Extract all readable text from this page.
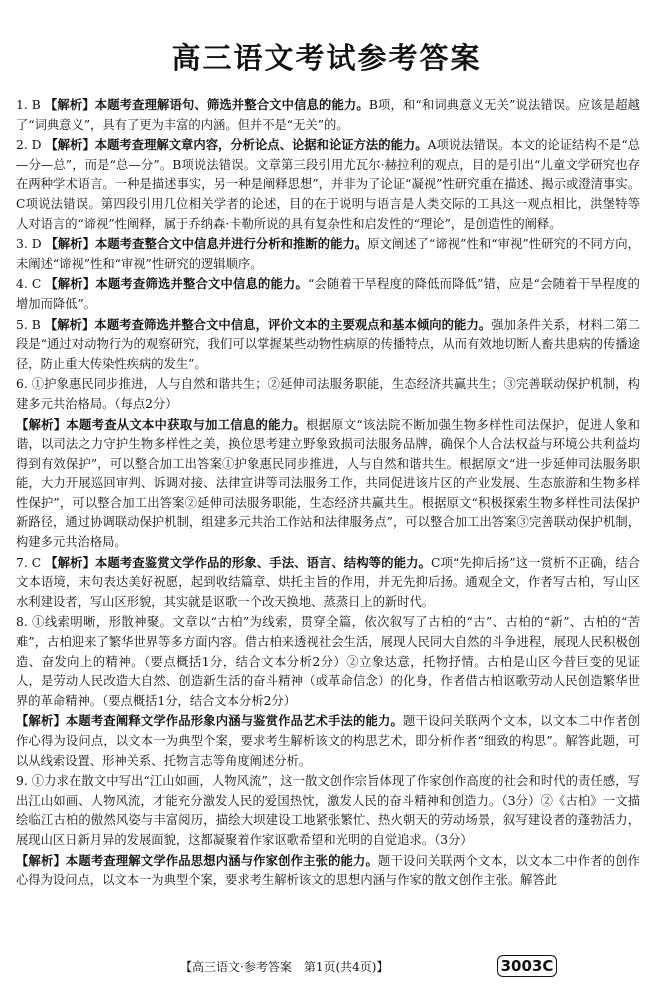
高三语文考试参考答案

1. B 【解析】本题考查理解语句、筛选并整合文中信息的能力。B项，和“和词典意义无关”说法错误。应该是超越了“词典意义”，具有了更为丰富的内涵。但并不是“无关”的。

2. D 【解析】本题考查理解文章内容，分析论点、论据和论证方法的能力。A项说法错误。本文的论证结构不是“总—分—总”，而是“总—分”。B项说法错误。文章第三段引用尤瓦尔·赫拉利的观点，目的是引出“儿童文学研究也存在两种学术语言。一种是描述事实，另一种是阐释思想”，并非为了论证“凝视”性研究重在描述、揭示或澄清事实。C项说法错误。第四段引用几位相关学者的论述，目的在于说明与语言是人类交际的工具这一观点相比，洪堡特等人对语言的“谛视”性阐释，属于乔纳森·卡勒所说的具有复杂性和启发性的“理论”，是创造性的阐释。

3. D 【解析】本题考查整合文中信息并进行分析和推断的能力。原文阐述了“谛视”性和“审视”性研究的不同方向，未阐述“谛视”性和“审视”性研究的逻辑顺序。

4. C 【解析】本题考查筛选并整合文中信息的能力。“会随着干旱程度的降低而降低”错，应是“会随着干旱程度的增加而降低”。

5. B 【解析】本题考查筛选并整合文中信息，评价文本的主要观点和基本倾向的能力。强加条件关系，材料二第二段是“通过对动物行为的观察研究，我们可以掌握某些动物性病原的传播特点，从而有效地切断人畜共患病的传播途径，防止重大传染性疾病的发生”。

6. ①护象惠民同步推进，人与自然和谐共生；②延伸司法服务职能，生态经济共赢共生；③完善联动保护机制，构建多元共治格局。（每点2分）

【解析】本题考查从文本中获取与加工信息的能力。根据原文“该法院不断加强生物多样性司法保护，促进人象和谐，以司法之力守护生物多样性之美，换位思考建立野象致损司法服务品牌，确保个人合法权益与环境公共利益均得到有效保护”，可以整合加工出答案①护象惠民同步推进，人与自然和谐共生。根据原文“进一步延伸司法服务职能，大力开展巡回审判、诉调对接、法律宣讲等司法服务工作，共同促进该片区的产业发展、生态旅游和生物多样性保护”，可以整合加工出答案②延伸司法服务职能，生态经济共赢共生。根据原文“积极探索生物多样性司法保护新路径，通过协调联动保护机制，组建多元共治工作站和法律服务点”，可以整合加工出答案③完善联动保护机制，构建多元共治格局。

7. C 【解析】本题考查鉴赏文学作品的形象、手法、语言、结构等的能力。C项“先抑后扬”这一赏析不正确，结合文本语境，末句表达美好祝愿，起到收结篇章、烘托主旨的作用，并无先抑后扬。通观全文，作者写古柏，写山区水利建设者，写山区形貌，其实就是讴歌一个改天换地、蒸蒸日上的新时代。

8. ①线索明晰，形散神聚。文章以“古柏”为线索，贯穿全篇，依次叙写了古柏的“古”、古柏的“新”、古柏的“苦难”，古柏迎来了繁华世界等多方面内容。借古柏来透视社会生活，展现人民同大自然的斗争进程，展现人民积极创造、奋发向上的精神。（要点概括1分，结合文本分析2分）②立象达意，托物抒情。古柏是山区今昔巨变的见证人，是劳动人民改造大自然、创造新生活的奋斗精神（或革命信念）的化身，作者借古柏讴歌劳动人民创造繁华世界的革命精神。（要点概括1分，结合文本分析2分）

【解析】本题考查阐释文学作品形象内涵与鉴赏作品艺术手法的能力。题干设问关联两个文本，以文本二中作者创作心得为设问点，以文本一为典型个案，要求考生解析该文的构思艺术，即分析作者“细致的构思”。解答此题，可以从线索设置、形神关系、托物言志等角度阐述分析。

9. ①力求在散文中写出“江山如画，人物风流”，这一散文创作宗旨体现了作家创作高度的社会和时代的责任感，写出江山如画、人物风流，才能充分激发人民的爱国热忱，激发人民的奋斗精神和创造力。（3分）②《古柏》一文描绘临江古柏的傲然风姿与丰富阅历，描绘大坝建设工地紧张繁忙、热火朝天的劳动场景，叙写建设者的蓬勃活力，展现山区日新月异的发展面貌，这都凝聚着作家讴歌希望和光明的自觉追求。（3分）

【解析】本题考查理解文学作品思想内涵与作家创作主张的能力。题干设问关联两个文本，以文本二中作者的创作心得为设问点，以文本一为典型个案，要求考生解析该文的思想内涵与作家的散文创作主张。解答此

【高三语文·参考答案　第1页(共4页)】	3003C
